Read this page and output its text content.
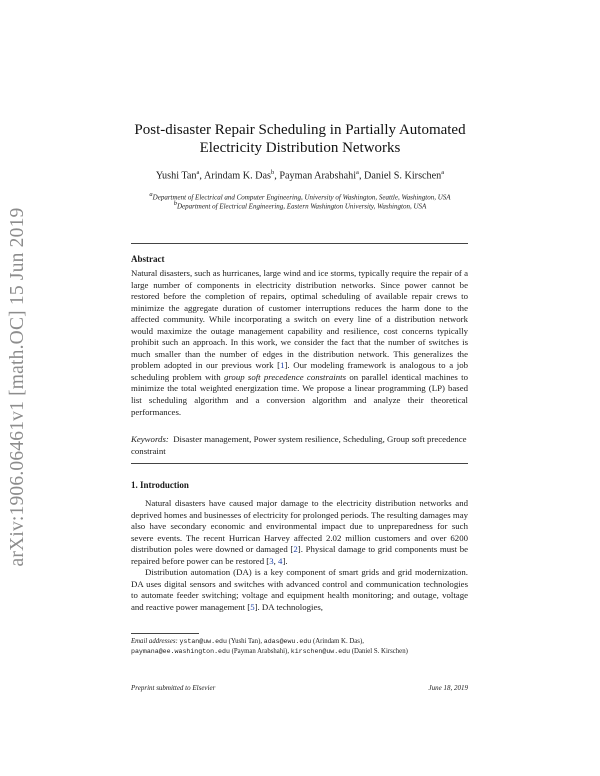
arXiv:1906.06461v1 [math.OC] 15 Jun 2019
Post-disaster Repair Scheduling in Partially Automated
Electricity Distribution Networks
Yushi Tan$^a$, Arindam K. Das$^b$, Payman Arabshahi$^a$, Daniel S. Kirschen$^a$
$^a$Department of Electrical and Computer Engineering, University of Washington, Seattle, Washington, USA
$^b$Department of Electrical Engineering, Eastern Washington University, Washington, USA
Abstract

Natural disasters, such as hurricanes, large wind and ice storms, typically require the repair of a large number of components in electricity distribution networks. Since power cannot be restored before the completion of repairs, optimal scheduling of available repair crews to minimize the aggregate duration of customer interruptions reduces the harm done to the affected community. While incorporating a switch on every line of a distribution network would maximize the outage management capability and resilience, cost concerns typically prohibit such an approach. In this work, we consider the fact that the number of switches is much smaller than the number of edges in the distribution network. This generalizes the problem adopted in our previous work [1]. Our modeling framework is analogous to a job scheduling problem with group soft precedence constraints on parallel identical machines to minimize the total weighted energization time. We propose a linear programming (LP) based list scheduling algorithm and a conversion algorithm and analyze their theoretical performances.

Keywords: Disaster management, Power system resilience, Scheduling, Group soft precedence constraint

1. Introduction

Natural disasters have caused major damage to the electricity distribution networks and deprived homes and businesses of electricity for prolonged periods. The resulting damages may also have secondary economic and environmental impact due to unpreparedness for such severe events. The recent Hurrican Harvey affected 2.02 million customers and over 6200 distribution poles were downed or damaged [2]. Physical damage to grid components must be repaired before power can be restored [3, 4].

Distribution automation (DA) is a key component of smart grids and grid modernization. DA uses digital sensors and switches with advanced control and communication technologies to automate feeder switching; voltage and equipment health monitoring; and outage, voltage and reactive power management [5]. DA technologies,

Email addresses: ystan@uw.edu (Yushi Tan), adas@ewu.edu (Arindam K. Das),
paymana@ee.washington.edu (Payman Arabshahi), kirschen@uw.edu (Daniel S. Kirschen)
Preprint submitted to Elsevier	June 18, 2019
